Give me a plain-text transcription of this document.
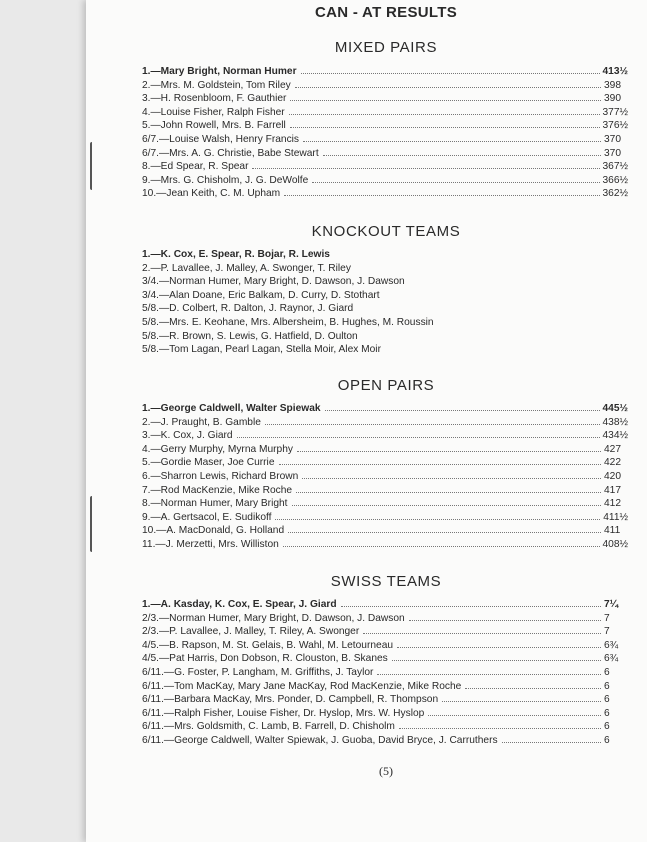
CAN - AT RESULTS
MIXED PAIRS
1.—Mary Bright, Norman Humer	413½
2.—Mrs. M. Goldstein, Tom Riley	398
3.—H. Rosenbloom, F. Gauthier	390
4.—Louise Fisher, Ralph Fisher	377½
5.—John Rowell, Mrs. B. Farrell	376½
6/7.—Louise Walsh, Henry Francis	370
6/7.—Mrs. A. G. Christie, Babe Stewart	370
8.—Ed Spear, R. Spear	367½
9.—Mrs. G. Chisholm, J. G. DeWolfe	366½
10.—Jean Keith, C. M. Upham	362½
KNOCKOUT TEAMS
1.—K. Cox, E. Spear, R. Bojar, R. Lewis
2.—P. Lavallee, J. Malley, A. Swonger, T. Riley
3/4.—Norman Humer, Mary Bright, D. Dawson, J. Dawson
3/4.—Alan Doane, Eric Balkam, D. Curry, D. Stothart
5/8.—D. Colbert, R. Dalton, J. Raynor, J. Giard
5/8.—Mrs. E. Keohane, Mrs. Albersheim, B. Hughes, M. Roussin
5/8.—R. Brown, S. Lewis, G. Hatfield, D. Oulton
5/8.—Tom Lagan, Pearl Lagan, Stella Moir, Alex Moir
OPEN PAIRS
1.—George Caldwell, Walter Spiewak	445½
2.—J. Praught, B. Gamble	438½
3.—K. Cox, J. Giard	434½
4.—Gerry Murphy, Myrna Murphy	427
5.—Gordie Maser, Joe Currie	422
6.—Sharron Lewis, Richard Brown	420
7.—Rod MacKenzie, Mike Roche	417
8.—Norman Humer, Mary Bright	412
9.—A. Gertsacol, E. Sudikoff	411½
10.—A. MacDonald, G. Holland	411
11.—J. Merzetti, Mrs. Williston	408½
SWISS TEAMS
1.—A. Kasday, K. Cox, E. Spear, J. Giard	7¼
2/3.—Norman Humer, Mary Bright, D. Dawson, J. Dawson	7
2/3.—P. Lavallee, J. Malley, T. Riley, A. Swonger	7
4/5.—B. Rapson, M. St. Gelais, B. Wahl, M. Letourneau	6¾
4/5.—Pat Harris, Don Dobson, R. Clouston, B. Skanes	6¾
6/11.—G. Foster, P. Langham, M. Griffiths, J. Taylor	6
6/11.—Tom MacKay, Mary Jane MacKay, Rod MacKenzie, Mike Roche	6
6/11.—Barbara MacKay, Mrs. Ponder, D. Campbell, R. Thompson	6
6/11.—Ralph Fisher, Louise Fisher, Dr. Hyslop, Mrs. W. Hyslop	6
6/11.—Mrs. Goldsmith, C. Lamb, B. Farrell, D. Chisholm	6
6/11.—George Caldwell, Walter Spiewak, J. Guoba, David Bryce, J. Carruthers	6
(5)
